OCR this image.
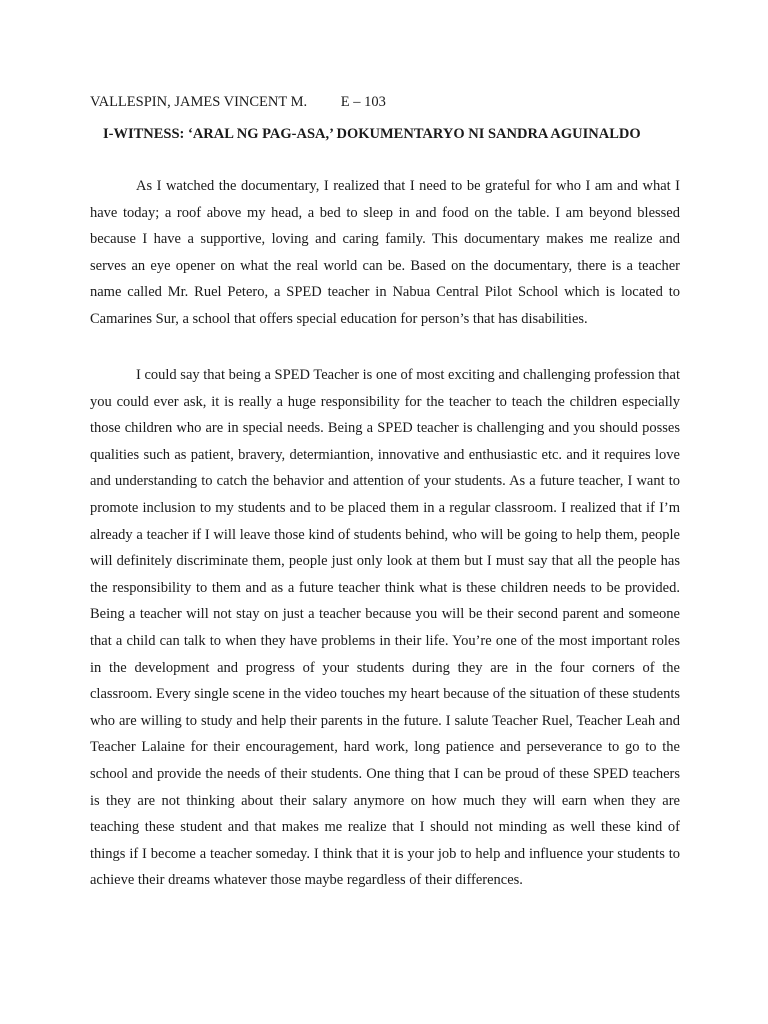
VALLESPIN, JAMES VINCENT M. E – 103
I-WITNESS: ‘ARAL NG PAG-ASA,’ DOKUMENTARYO NI SANDRA AGUINALDO

As I watched the documentary, I realized that I need to be grateful for who I am and what I have today; a roof above my head, a bed to sleep in and food on the table. I am beyond blessed because I have a supportive, loving and caring family. This documentary makes me realize and serves an eye opener on what the real world can be. Based on the documentary, there is a teacher name called Mr. Ruel Petero, a SPED teacher in Nabua Central Pilot School which is located to Camarines Sur, a school that offers special education for person’s that has disabilities.

I could say that being a SPED Teacher is one of most exciting and challenging profession that you could ever ask, it is really a huge responsibility for the teacher to teach the children especially those children who are in special needs. Being a SPED teacher is challenging and you should posses qualities such as patient, bravery, determiantion, innovative and enthusiastic etc. and it requires love and understanding to catch the behavior and attention of your students. As a future teacher, I want to promote inclusion to my students and to be placed them in a regular classroom. I realized that if I’m already a teacher if I will leave those kind of students behind, who will be going to help them, people will definitely discriminate them, people just only look at them but I must say that all the people has the responsibility to them and as a future teacher think what is these children needs to be provided. Being a teacher will not stay on just a teacher because you will be their second parent and someone that a child can talk to when they have problems in their life. You’re one of the most important roles in the development and progress of your students during they are in the four corners of the classroom. Every single scene in the video touches my heart because of the situation of these students who are willing to study and help their parents in the future. I salute Teacher Ruel, Teacher Leah and Teacher Lalaine for their encouragement, hard work, long patience and perseverance to go to the school and provide the needs of their students. One thing that I can be proud of these SPED teachers is they are not thinking about their salary anymore on how much they will earn when they are teaching these student and that makes me realize that I should not minding as well these kind of things if I become a teacher someday. I think that it is your job to help and influence your students to achieve their dreams whatever those maybe regardless of their differences.
